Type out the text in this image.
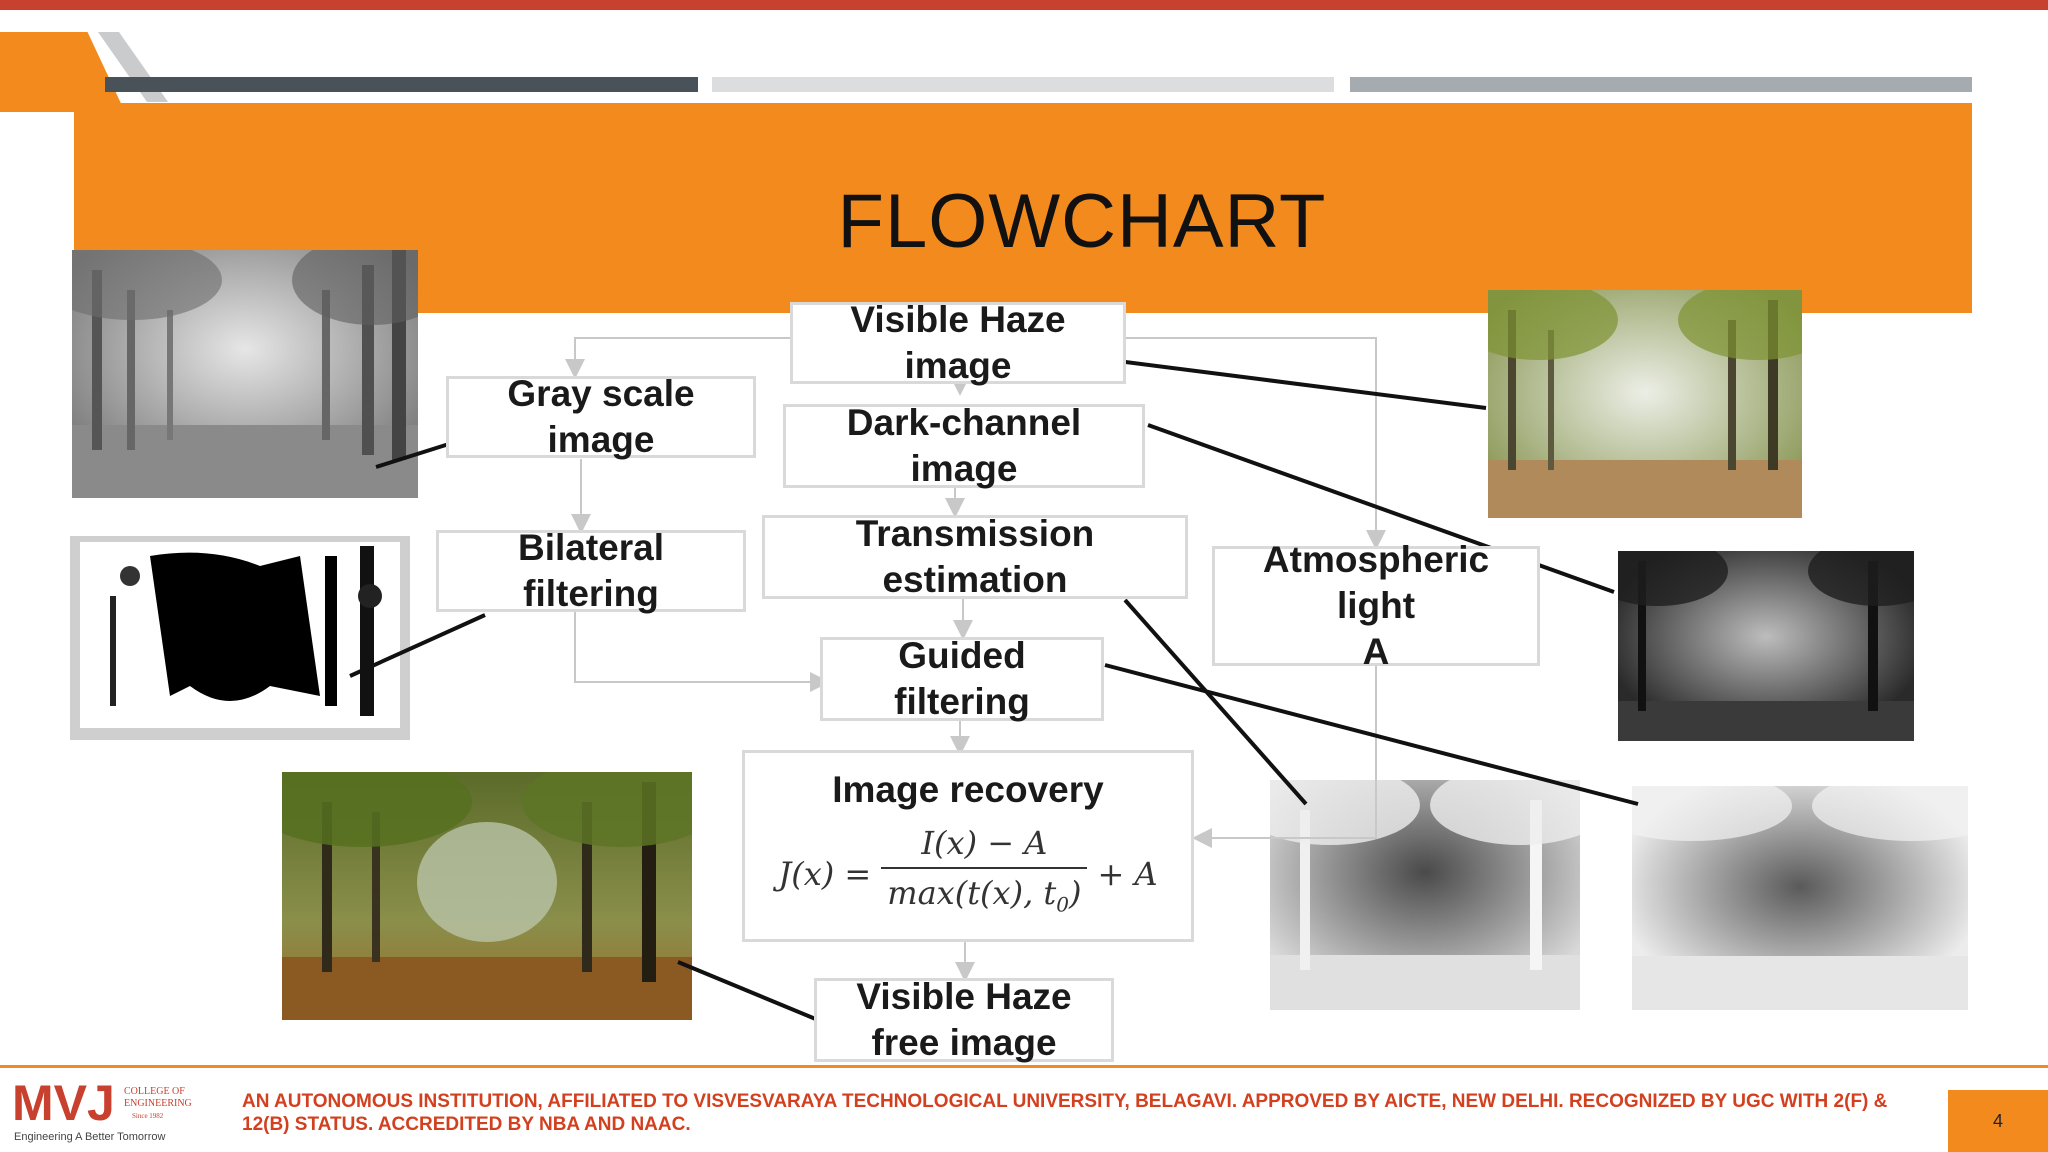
FLOWCHART
Visible Haze
image
Gray scale
image	Dark-channel
image
Bilateral
filtering
Transmission
estimation	Atmospheric
light
A
Guided
filtering
Image recovery
$J(x) = \frac{I(x) - A}{\max(t(x), t_0)} + A$
Visible Haze
free image
MVJ COLLEGE OF
ENGINEERING
Since 1982
Engineering A Better Tomorrow
AN AUTONOMOUS INSTITUTION, AFFILIATED TO VISVESVARAYA TECHNOLOGICAL UNIVERSITY, BELAGAVI. APPROVED BY AICTE, NEW DELHI. RECOGNIZED BY UGC WITH 2(F) & 12(B) STATUS. ACCREDITED BY NBA AND NAAC.	4
